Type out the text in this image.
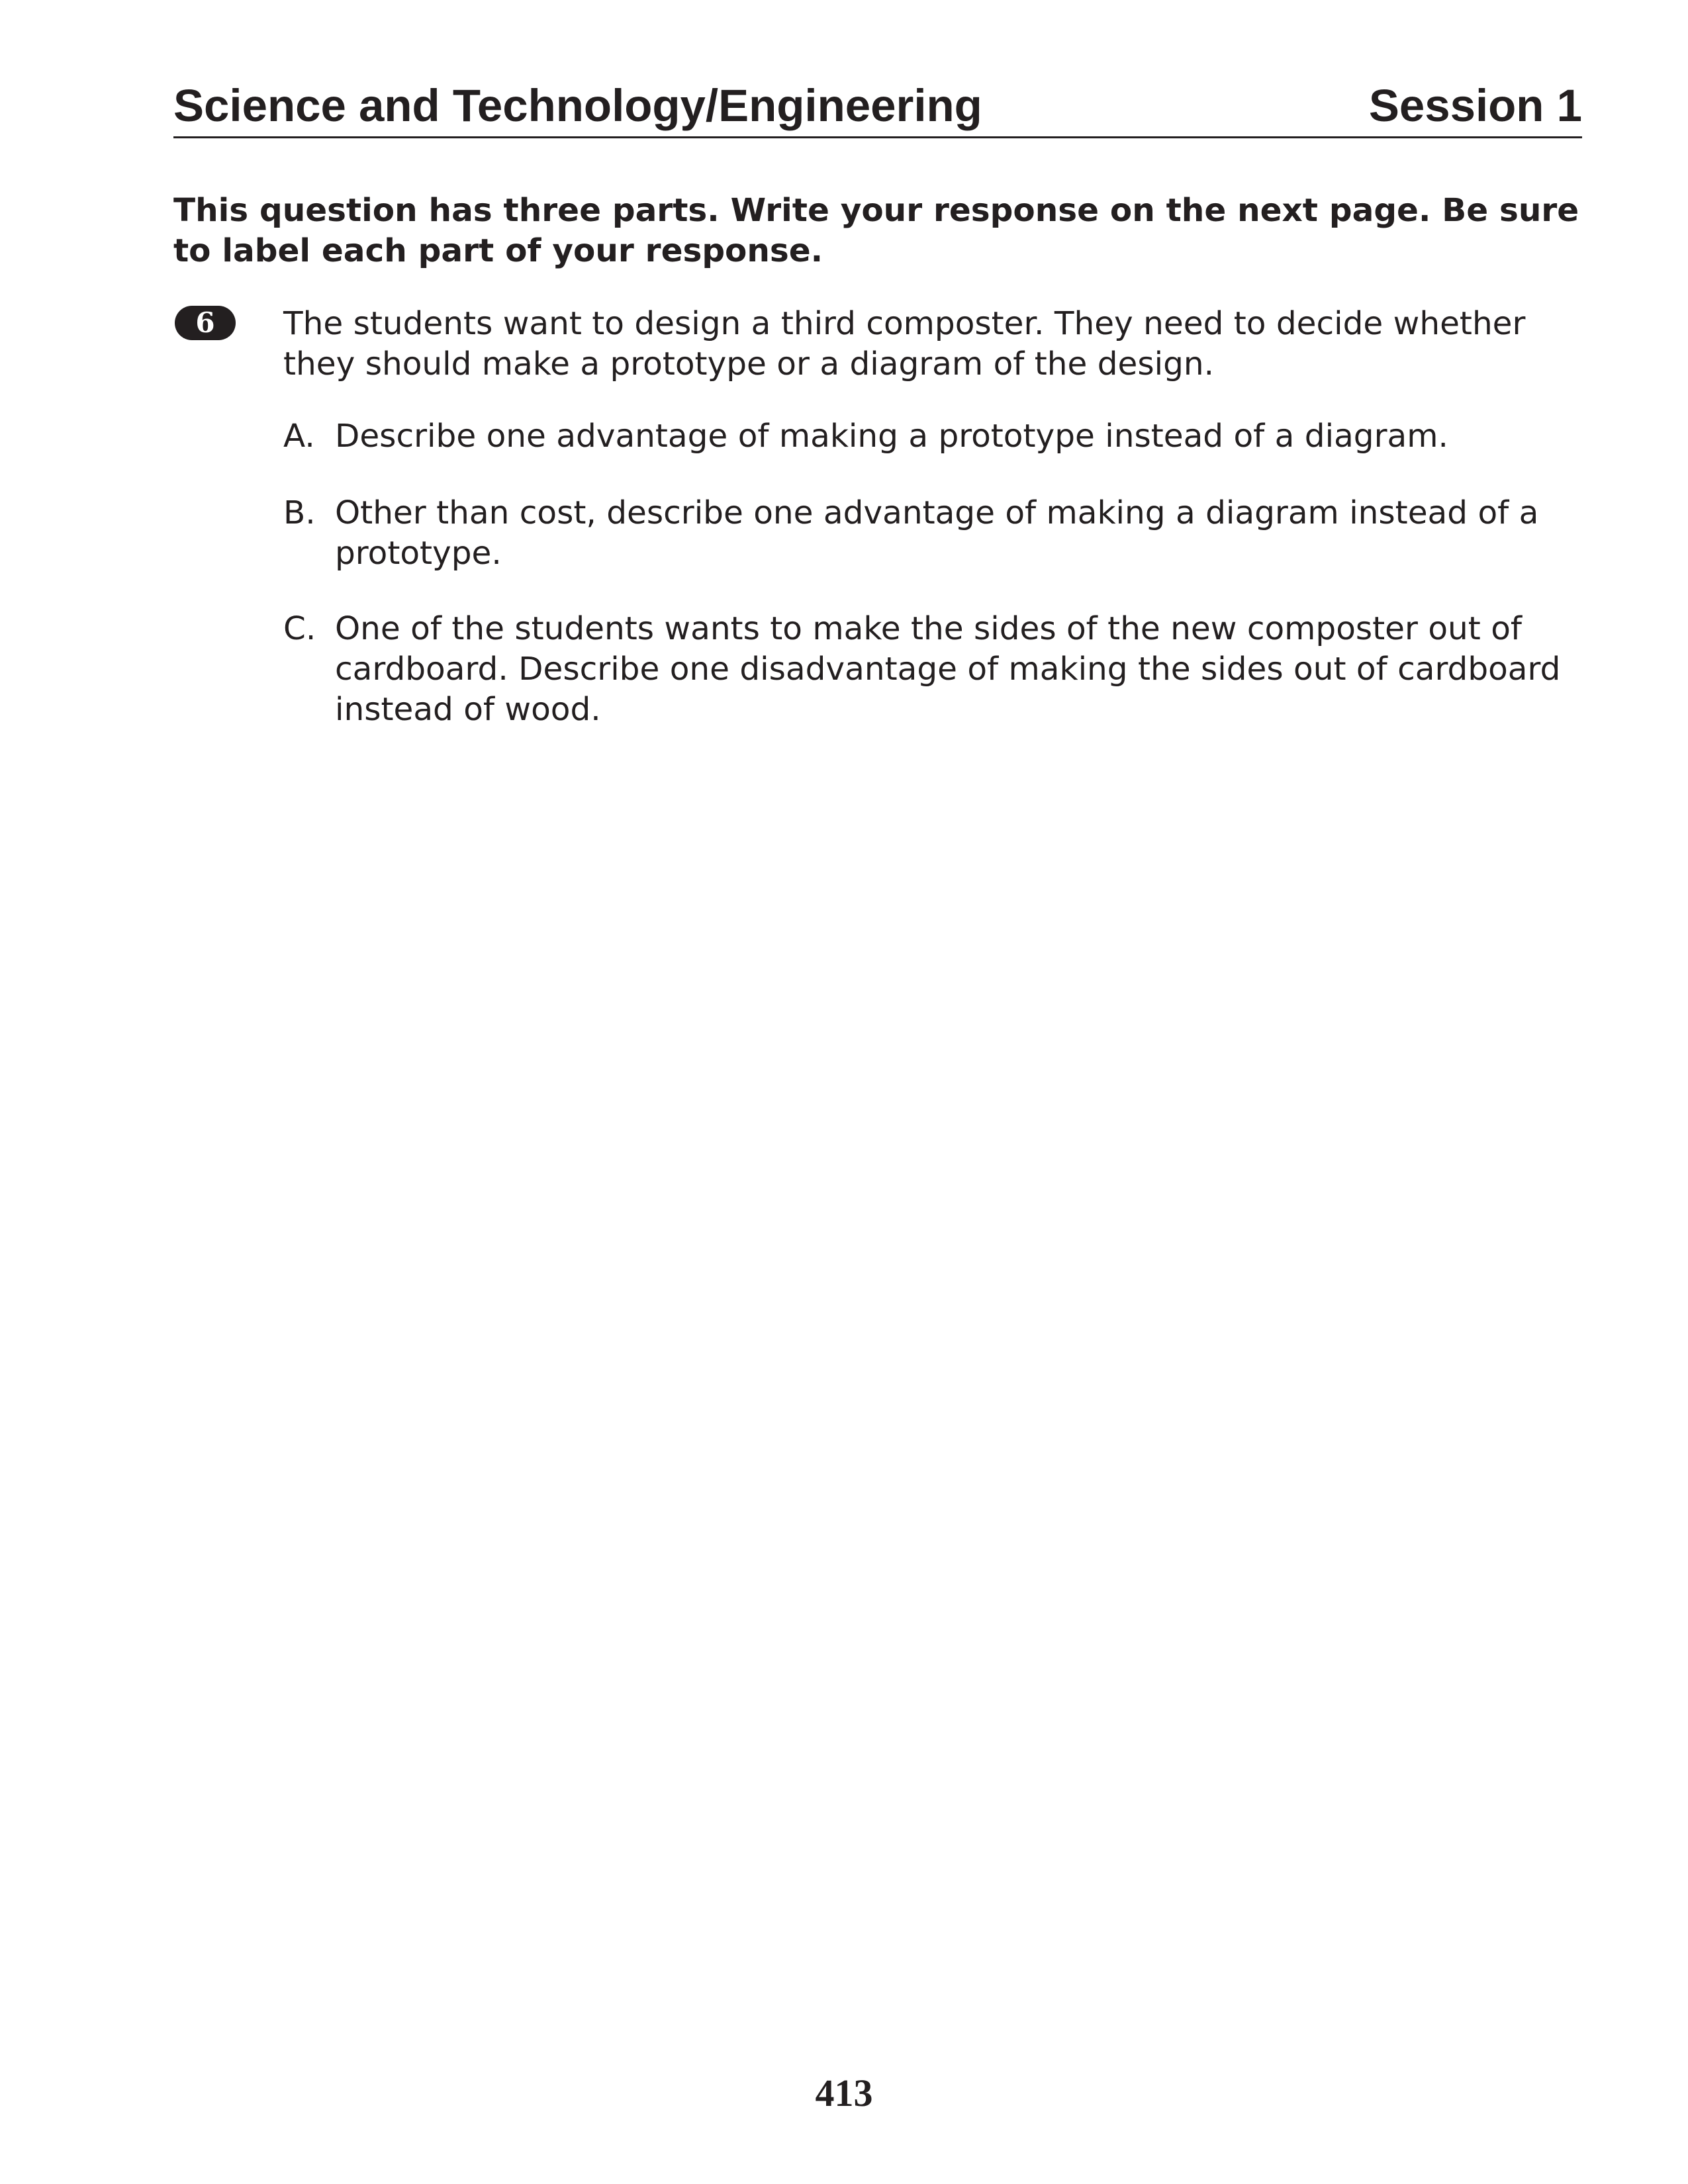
Science and Technology/Engineering	Session 1
This question has three parts. Write your response on the next page. Be sure to label each part of your response.
6	The students want to design a third composter. They need to decide whether they should make a prototype or a diagram of the design.
A. Describe one advantage of making a prototype instead of a diagram.
B. Other than cost, describe one advantage of making a diagram instead of a prototype.
C. One of the students wants to make the sides of the new composter out of cardboard. Describe one disadvantage of making the sides out of cardboard instead of wood.
413
